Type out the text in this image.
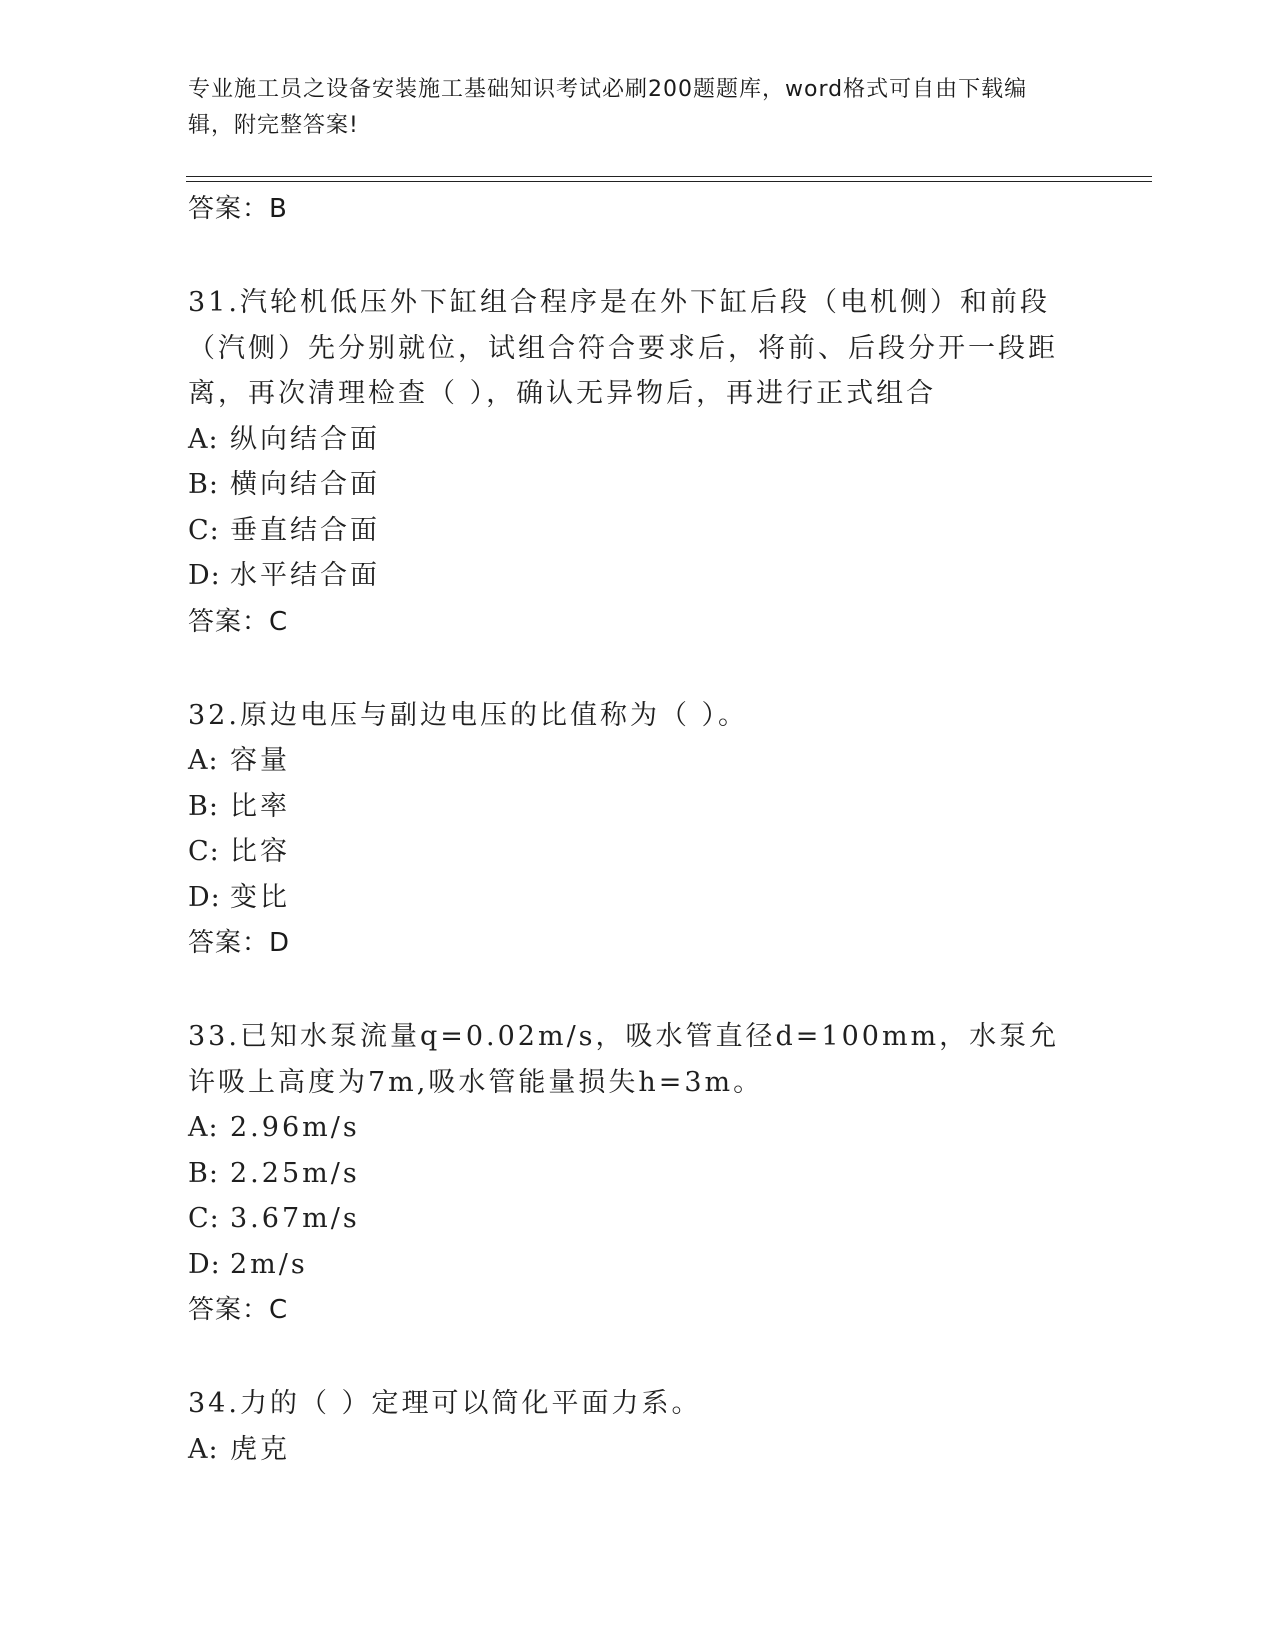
专业施工员之设备安装施工基础知识考试必刷200题题库，word格式可自由下载编辑，附完整答案!
答案：B
31.汽轮机低压外下缸组合程序是在外下缸后段（电机侧）和前段（汽侧）先分别就位，试组合符合要求后，将前、后段分开一段距离，再次清理检查（ ），确认无异物后，再进行正式组合
A: 纵向结合面
B: 横向结合面
C: 垂直结合面
D: 水平结合面
答案：C
32.原边电压与副边电压的比值称为（ ）。
A: 容量
B: 比率
C: 比容
D: 变比
答案：D
33.已知水泵流量q=0.02m/s，吸水管直径d=100mm，水泵允许吸上高度为7m,吸水管能量损失h=3m。
A: 2.96m/s
B: 2.25m/s
C: 3.67m/s
D: 2m/s
答案：C
34.力的（ ）定理可以简化平面力系。
A: 虎克
